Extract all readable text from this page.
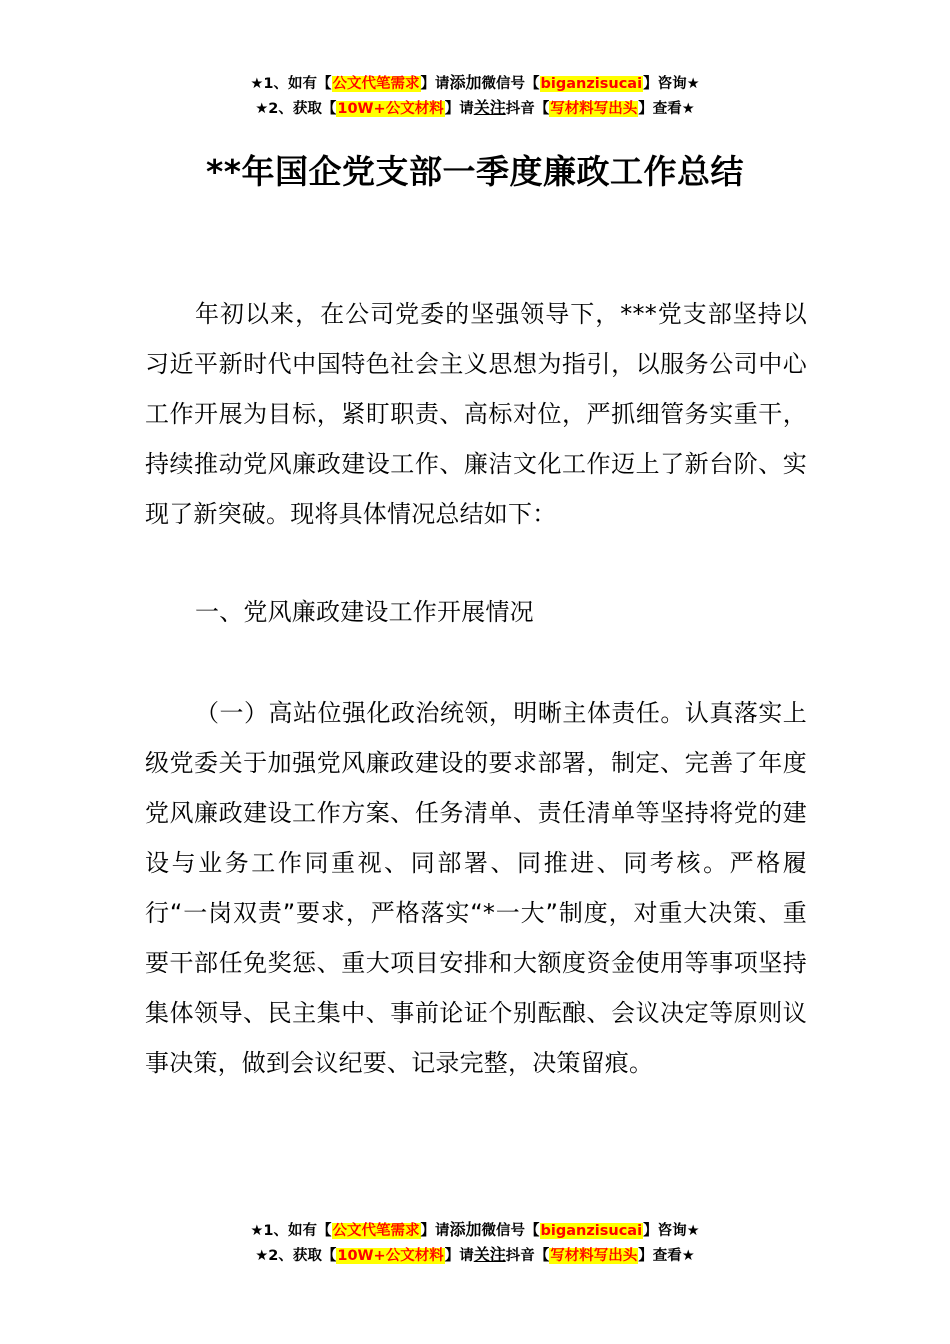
★1、如有【公文代笔需求】请添加微信号【biganzisucai】咨询★
★2、获取【10W+公文材料】请关注抖音【写材料写出头】查看★
**年国企党支部一季度廉政工作总结
年初以来，在公司党委的坚强领导下，***党支部坚持以习近平新时代中国特色社会主义思想为指引，以服务公司中心工作开展为目标，紧盯职责、高标对位，严抓细管务实重干，持续推动党风廉政建设工作、廉洁文化工作迈上了新台阶、实现了新突破。现将具体情况总结如下：
一、党风廉政建设工作开展情况
（一）高站位强化政治统领，明晰主体责任。认真落实上级党委关于加强党风廉政建设的要求部署，制定、完善了年度党风廉政建设工作方案、任务清单、责任清单等坚持将党的建设与业务工作同重视、同部署、同推进、同考核。严格履行“一岗双责”要求，严格落实“*一大”制度，对重大决策、重要干部任免奖惩、重大项目安排和大额度资金使用等事项坚持集体领导、民主集中、事前论证个别酝酿、会议决定等原则议事决策，做到会议纪要、记录完整，决策留痕。
★1、如有【公文代笔需求】请添加微信号【biganzisucai】咨询★
★2、获取【10W+公文材料】请关注抖音【写材料写出头】查看★
